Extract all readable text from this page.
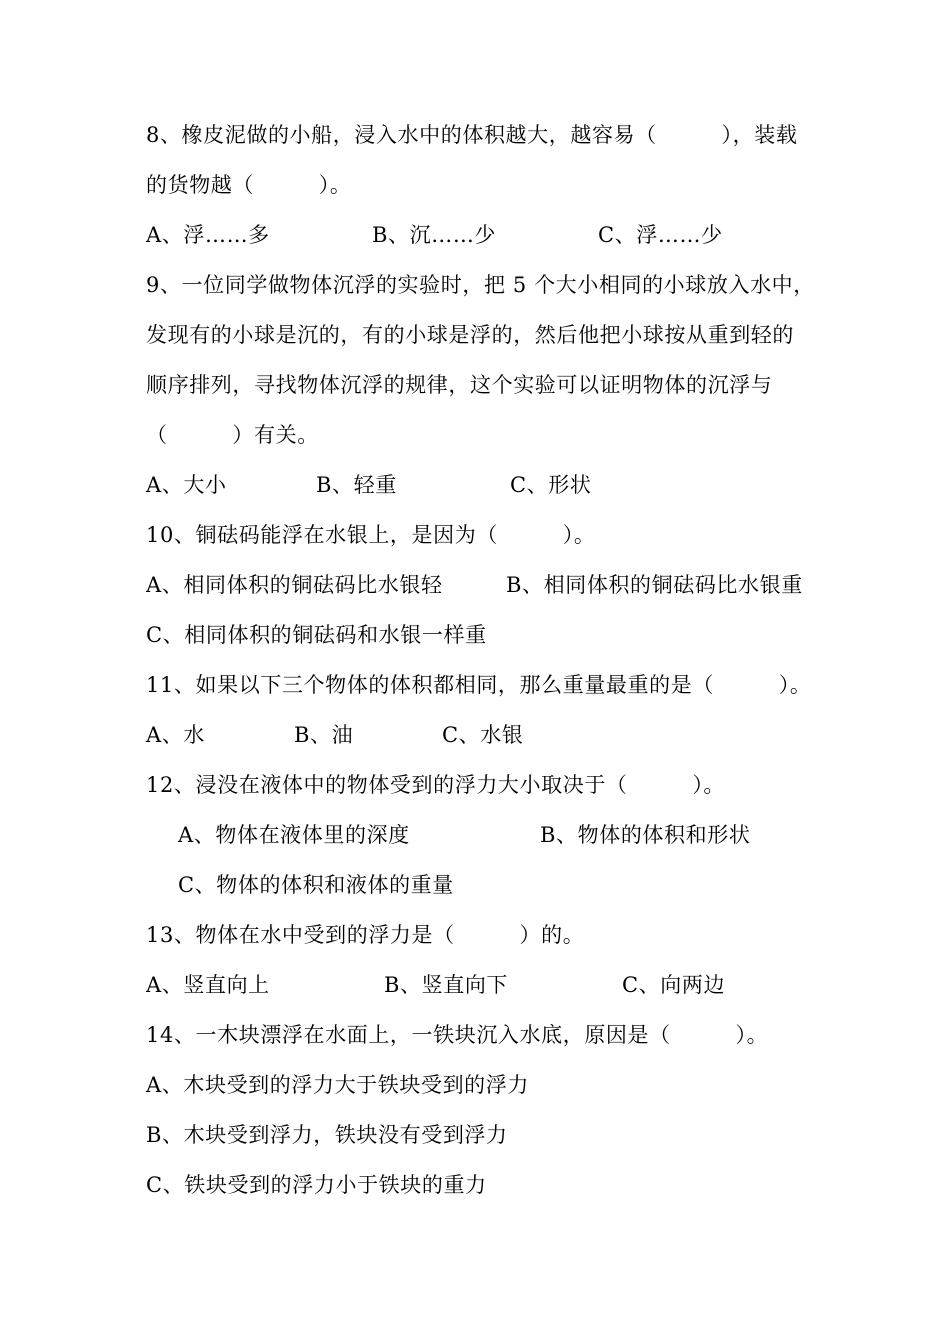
8、橡皮泥做的小船，浸入水中的体积越大，越容易（　　　），装载
的货物越（　　　）。
A、浮……多	B、沉……少	C、浮……少
9、一位同学做物体沉浮的实验时，把 5 个大小相同的小球放入水中，
发现有的小球是沉的，有的小球是浮的，然后他把小球按从重到轻的
顺序排列，寻找物体沉浮的规律，这个实验可以证明物体的沉浮与
（　　　）有关。
A、大小	B、轻重	C、形状
10、铜砝码能浮在水银上，是因为（　　　）。
A、相同体积的铜砝码比水银轻	B、相同体积的铜砝码比水银重
C、相同体积的铜砝码和水银一样重
11、如果以下三个物体的体积都相同，那么重量最重的是（　　　）。
A、水	B、油	C、水银
12、浸没在液体中的物体受到的浮力大小取决于（　　　）。
A、物体在液体里的深度	B、物体的体积和形状
C、物体的体积和液体的重量
13、物体在水中受到的浮力是（　　　）的。
A、竖直向上	B、竖直向下	C、向两边
14、一木块漂浮在水面上，一铁块沉入水底，原因是（　　　）。
A、木块受到的浮力大于铁块受到的浮力
B、木块受到浮力，铁块没有受到浮力
C、铁块受到的浮力小于铁块的重力
